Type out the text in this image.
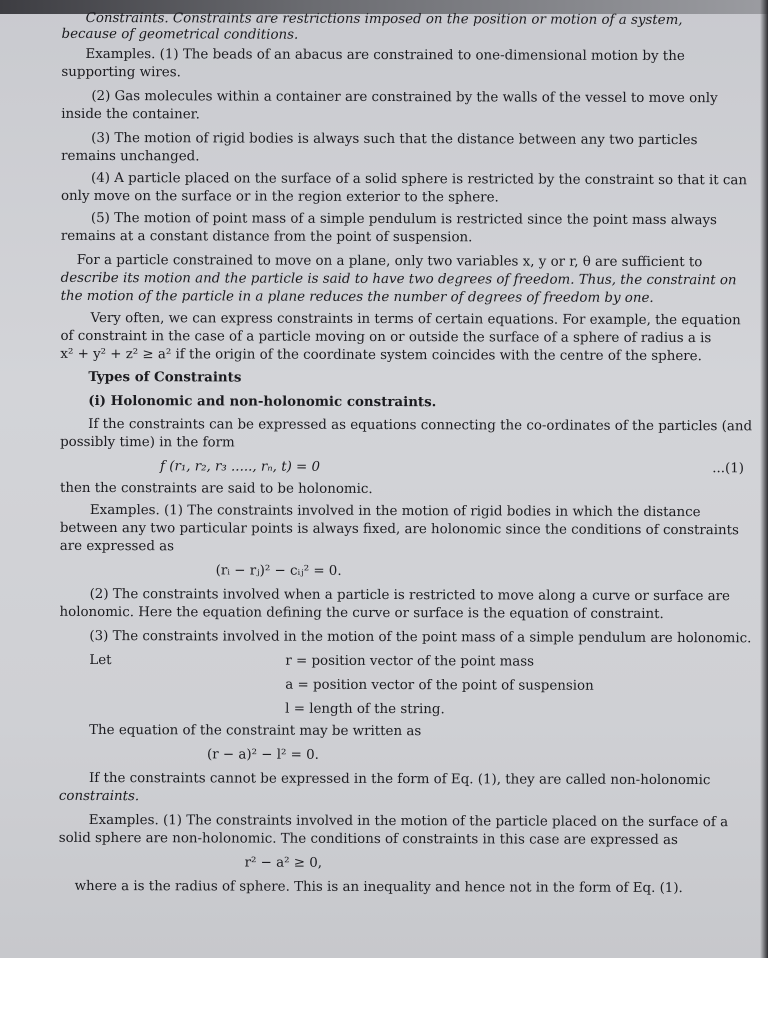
...(1)
Constraints. Constraints are restrictions imposed on the position or motion of a system,
because of geometrical conditions.
Examples. (1) The beads of an abacus are constrained to one-dimensional motion by the
supporting wires.
(2) Gas molecules within a container are constrained by the walls of the vessel to move only
inside the container.
(3) The motion of rigid bodies is always such that the distance between any two particles
remains unchanged.
(4) A particle placed on the surface of a solid sphere is restricted by the constraint so that it can
only move on the surface or in the region exterior to the sphere.
(5) The motion of point mass of a simple pendulum is restricted since the point mass always
remains at a constant distance from the point of suspension.
For a particle constrained to move on a plane, only two variables x, y or r, θ are sufficient to
describe its motion and the particle is said to have two degrees of freedom. Thus, the constraint on
the motion of the particle in a plane reduces the number of degrees of freedom by one.
Very often, we can express constraints in terms of certain equations. For example, the equation
of constraint in the case of a particle moving on or outside the surface of a sphere of radius a is
x² + y² + z² ≥ a² if the origin of the coordinate system coincides with the centre of the sphere.
Types of Constraints
(i) Holonomic and non-holonomic constraints.
If the constraints can be expressed as equations connecting the co-ordinates of the particles (and
possibly time) in the form
f (r₁, r₂, r₃ ....., rₙ, t) = 0
then the constraints are said to be holonomic.
Examples. (1) The constraints involved in the motion of rigid bodies in which the distance
between any two particular points is always fixed, are holonomic since the conditions of constraints
are expressed as
(rᵢ − rⱼ)² − cᵢⱼ² = 0.
(2) The constraints involved when a particle is restricted to move along a curve or surface are
holonomic. Here the equation defining the curve or surface is the equation of constraint.
(3) The constraints involved in the motion of the point mass of a simple pendulum are holonomic.
Let	r = position vector of the point mass
a = position vector of the point of suspension
l = length of the string.
The equation of the constraint may be written as
(r − a)² − l² = 0.
If the constraints cannot be expressed in the form of Eq. (1), they are called non-holonomic
constraints.
Examples. (1) The constraints involved in the motion of the particle placed on the surface of a
solid sphere are non-holonomic. The conditions of constraints in this case are expressed as
r² − a² ≥ 0,
where a is the radius of sphere. This is an inequality and hence not in the form of Eq. (1).
